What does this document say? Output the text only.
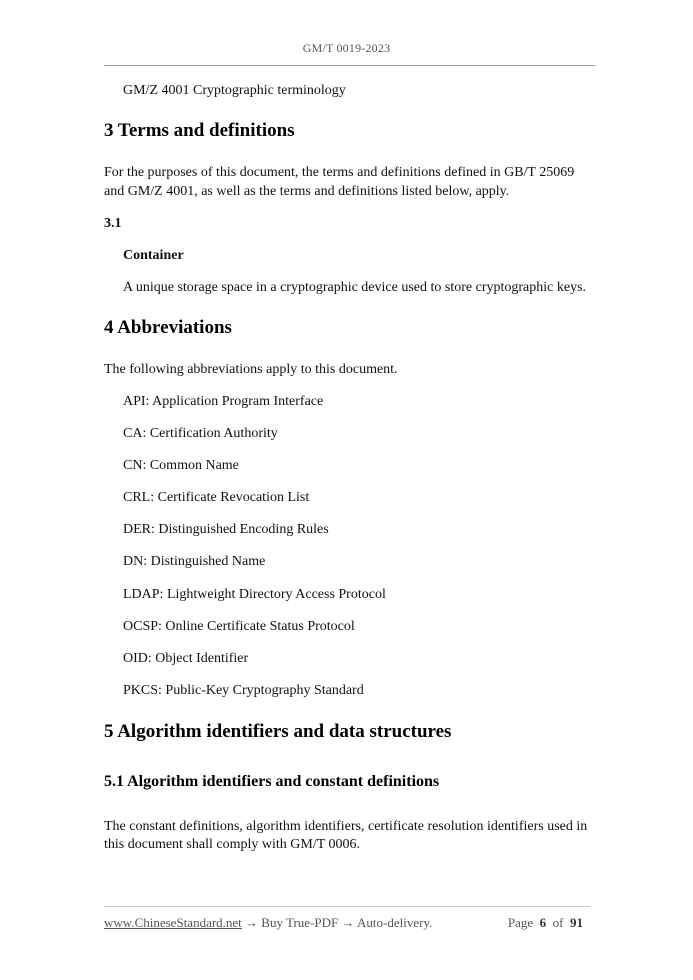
GM/T 0019-2023
GM/Z 4001 Cryptographic terminology
3 Terms and definitions
For the purposes of this document, the terms and definitions defined in GB/T 25069
and GM/Z 4001, as well as the terms and definitions listed below, apply.
3.1
Container
A unique storage space in a cryptographic device used to store cryptographic keys.
4 Abbreviations
The following abbreviations apply to this document.
API: Application Program Interface
CA: Certification Authority
CN: Common Name
CRL: Certificate Revocation List
DER: Distinguished Encoding Rules
DN: Distinguished Name
LDAP: Lightweight Directory Access Protocol
OCSP: Online Certificate Status Protocol
OID: Object Identifier
PKCS: Public-Key Cryptography Standard
5 Algorithm identifiers and data structures
5.1 Algorithm identifiers and constant definitions
The constant definitions, algorithm identifiers, certificate resolution identifiers used in
this document shall comply with GM/T 0006.
www.ChineseStandard.net → Buy True-PDF → Auto-delivery.	Page 6 of 91
